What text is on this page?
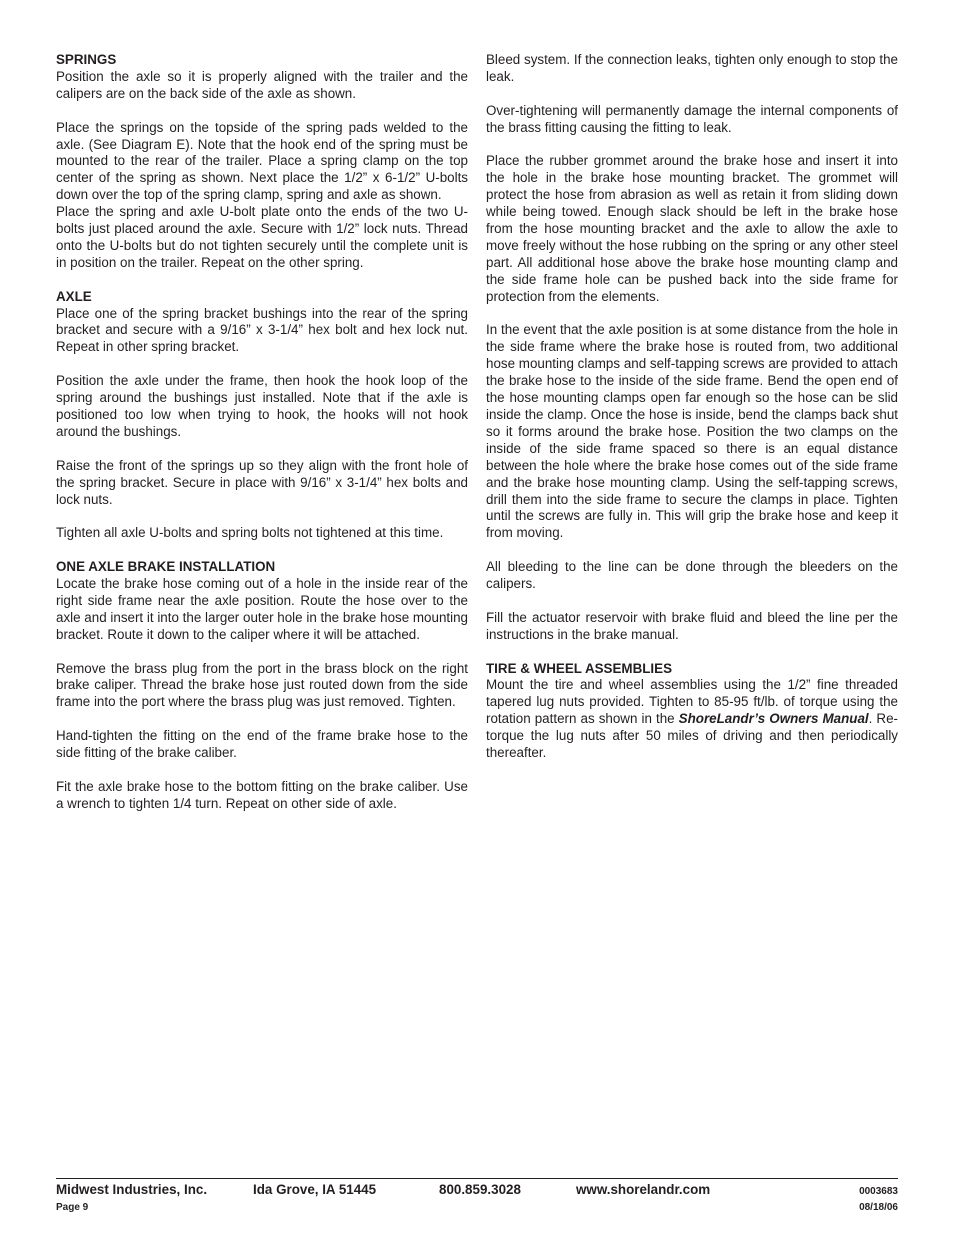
SPRINGS

Position the axle so it is properly aligned with the trailer and the calipers are on the back side of the axle as shown.

Place the springs on the topside of the spring pads welded to the axle. (See Diagram E). Note that the hook end of the spring must be mounted to the rear of the trailer. Place a spring clamp on the top center of the spring as shown. Next place the 1/2” x 6-1/2” U-bolts down over the top of the spring clamp, spring and axle as shown.

Place the spring and axle U-bolt plate onto the ends of the two U-bolts just placed around the axle. Secure with 1/2” lock nuts. Thread onto the U-bolts but do not tighten securely until the complete unit is in position on the trailer. Repeat on the other spring.

AXLE

Place one of the spring bracket bushings into the rear of the spring bracket and secure with a 9/16” x 3-1/4” hex bolt and hex lock nut. Repeat in other spring bracket.

Position the axle under the frame, then hook the hook loop of the spring around the bushings just installed. Note that if the axle is positioned too low when trying to hook, the hooks will not hook around the bushings.

Raise the front of the springs up so they align with the front hole of the spring bracket. Secure in place with 9/16” x 3-1/4” hex bolts and lock nuts.

Tighten all axle U-bolts and spring bolts not tightened at this time.

ONE AXLE BRAKE INSTALLATION

Locate the brake hose coming out of a hole in the inside rear of the right side frame near the axle position. Route the hose over to the axle and insert it into the larger outer hole in the brake hose mounting bracket. Route it down to the caliper where it will be attached.

Remove the brass plug from the port in the brass block on the right brake caliper. Thread the brake hose just routed down from the side frame into the port where the brass plug was just removed. Tighten.

Hand-tighten the fitting on the end of the frame brake hose to the side fitting of the brake caliber.

Fit the axle brake hose to the bottom fitting on the brake caliber. Use a wrench to tighten 1/4 turn. Repeat on other side of axle.

Bleed system. If the connection leaks, tighten only enough to stop the leak.

Over-tightening will permanently damage the internal components of the brass fitting causing the fitting to leak.

Place the rubber grommet around the brake hose and insert it into the hole in the brake hose mounting bracket. The grommet will protect the hose from abrasion as well as retain it from sliding down while being towed. Enough slack should be left in the brake hose from the hose mounting bracket and the axle to allow the axle to move freely without the hose rubbing on the spring or any other steel part. All additional hose above the brake hose mounting clamp and the side frame hole can be pushed back into the side frame for protection from the elements.

In the event that the axle position is at some distance from the hole in the side frame where the brake hose is routed from, two additional hose mounting clamps and self-tapping screws are provided to attach the brake hose to the inside of the side frame. Bend the open end of the hose mounting clamps open far enough so the hose can be slid inside the clamp. Once the hose is inside, bend the clamps back shut so it forms around the brake hose. Position the two clamps on the inside of the side frame spaced so there is an equal distance between the hole where the brake hose comes out of the side frame and the brake hose mounting clamp. Using the self-tapping screws, drill them into the side frame to secure the clamps in place. Tighten until the screws are fully in. This will grip the brake hose and keep it from moving.

All bleeding to the line can be done through the bleeders on the calipers.

Fill the actuator reservoir with brake fluid and bleed the line per the instructions in the brake manual.

TIRE & WHEEL ASSEMBLIES

Mount the tire and wheel assemblies using the 1/2” fine threaded tapered lug nuts provided. Tighten to 85-95 ft/lb. of torque using the rotation pattern as shown in the ShoreLandr’s Owners Manual. Re-torque the lug nuts after 50 miles of driving and then periodically thereafter.

Midwest Industries, Inc.	Ida Grove, IA 51445	800.859.3028	www.shorelandr.com	0003683
Page 9	08/18/06
